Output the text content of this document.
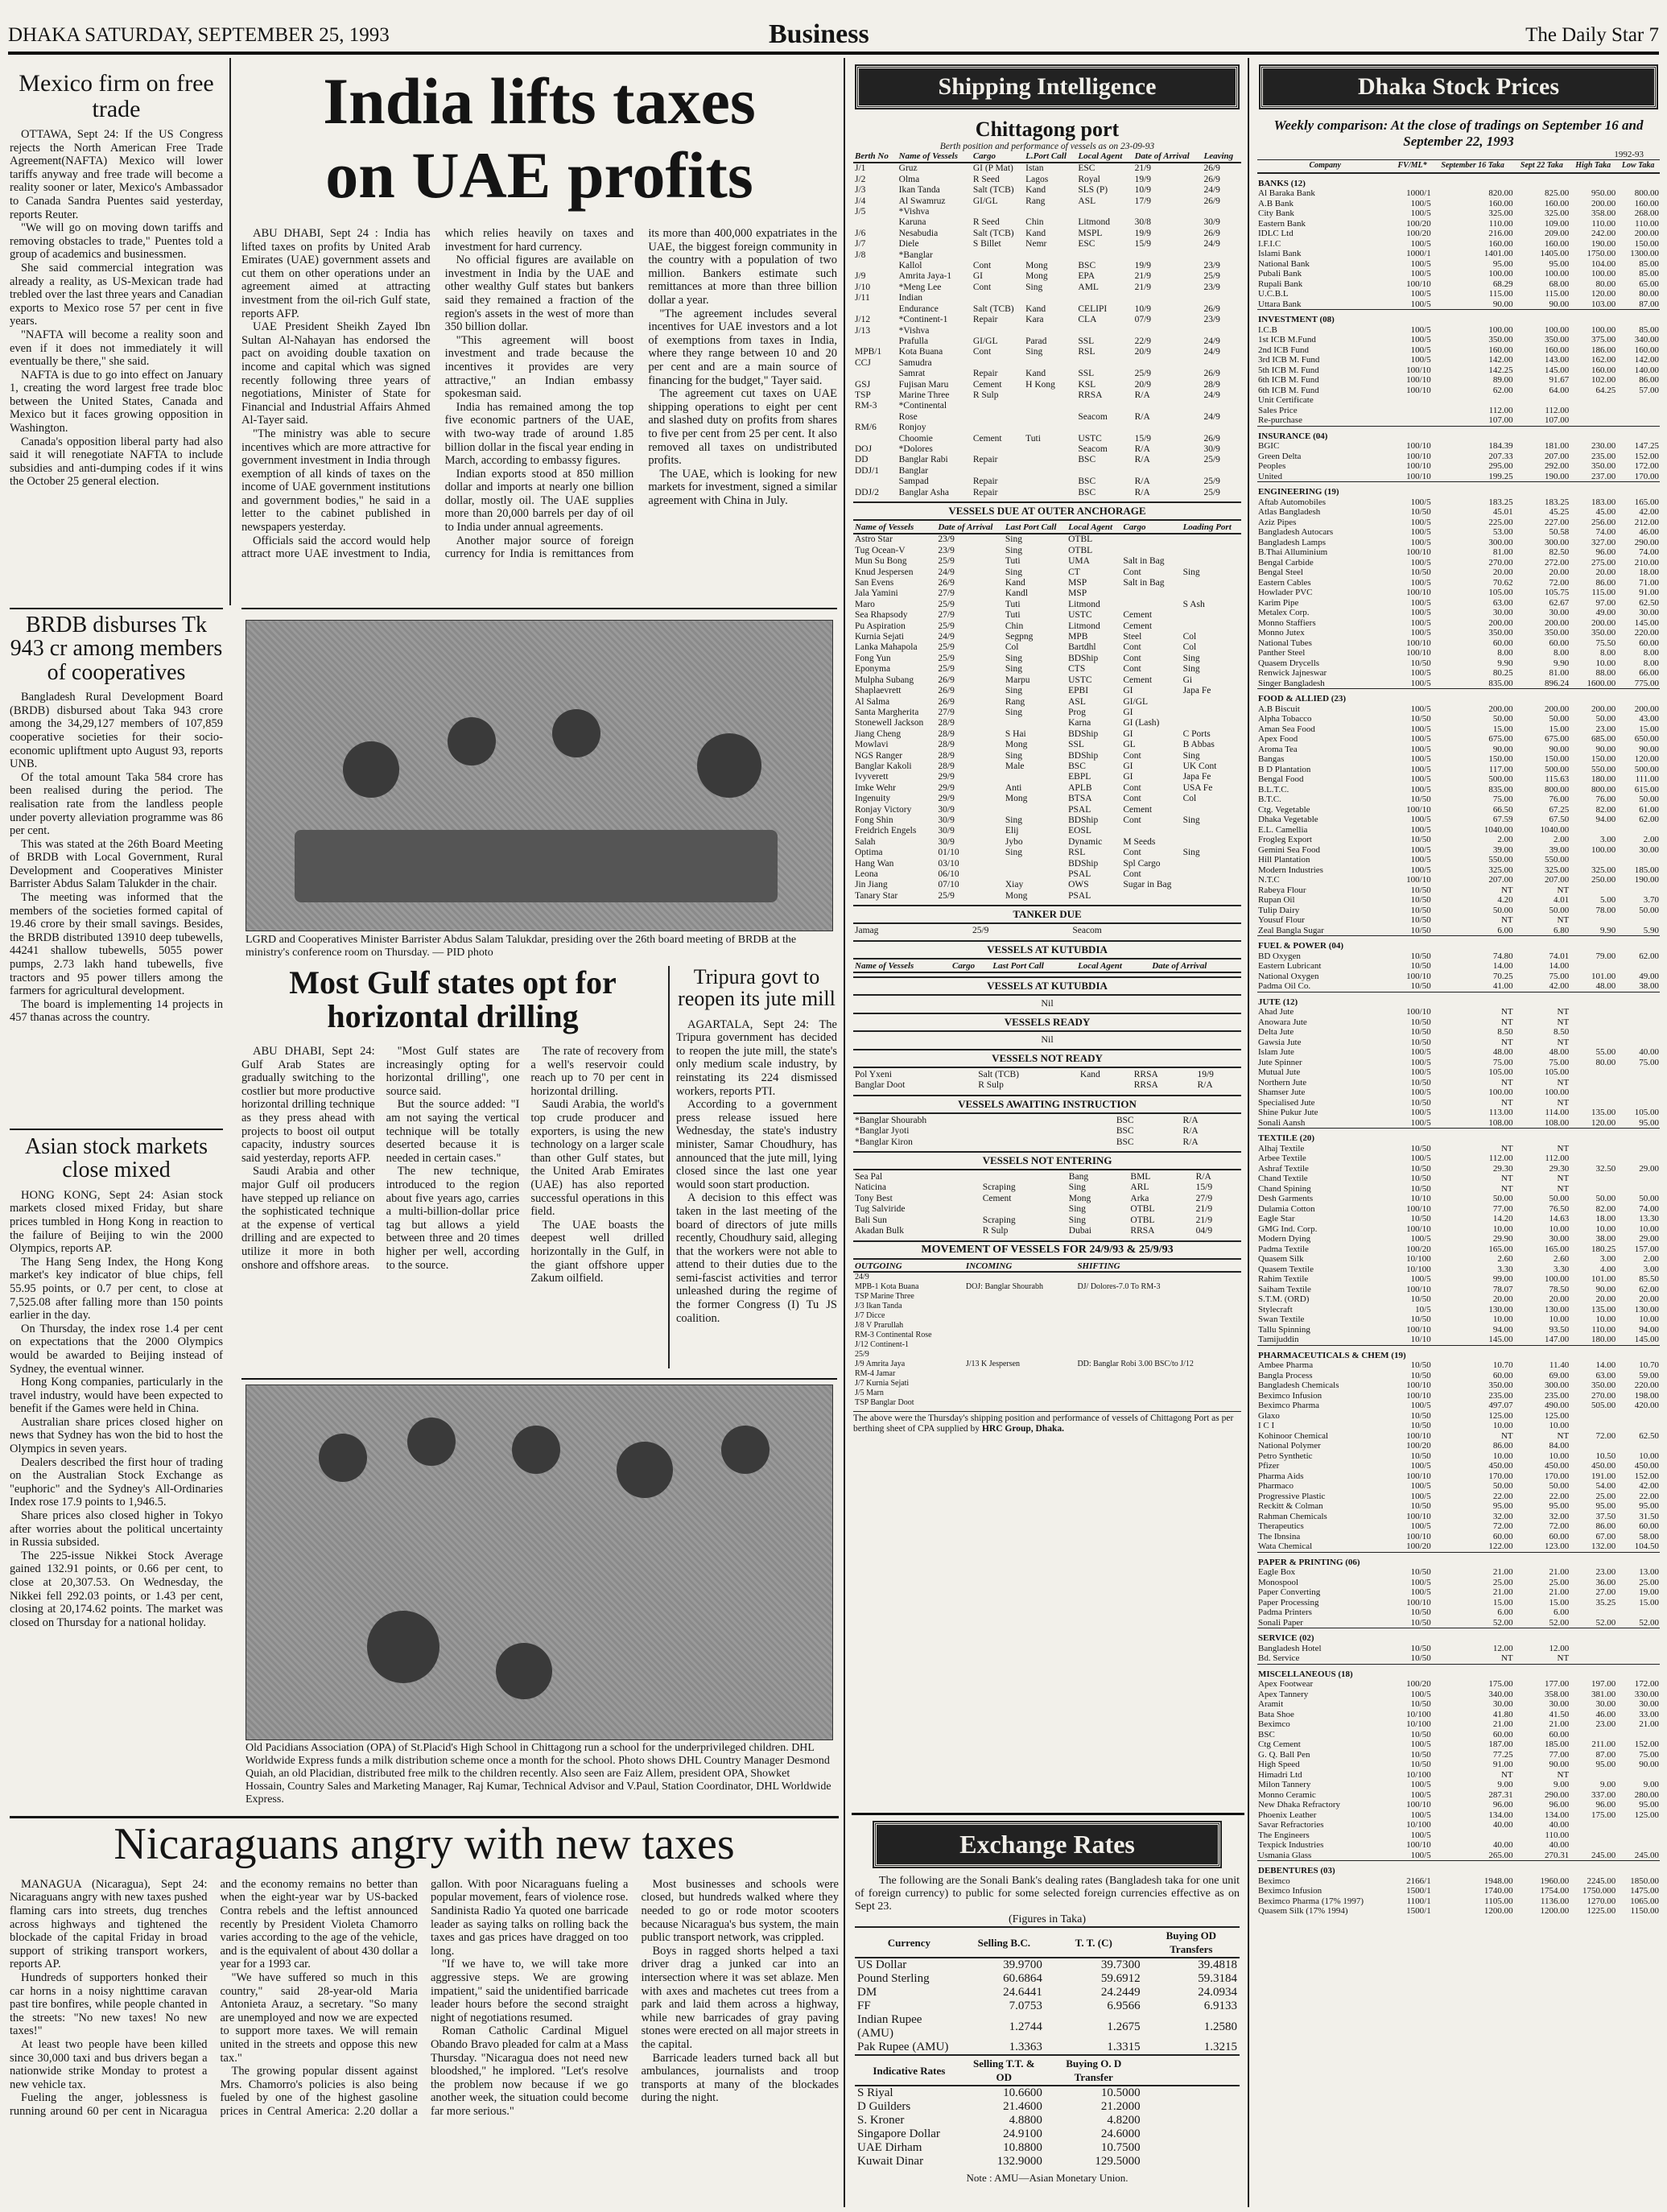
DHAKA SATURDAY, SEPTEMBER 25, 1993	Business	The Daily Star 7
Mexico firm on free trade

OTTAWA, Sept 24: If the US Congress rejects the North American Free Trade Agreement(NAFTA) Mexico will lower tariffs anyway and free trade will become a reality sooner or later, Mexico's Ambassador to Canada Sandra Puentes said yesterday, reports Reuter.

"We will go on moving down tariffs and removing obstacles to trade," Puentes told a group of academics and businessmen.

She said commercial integration was already a reality, as US-Mexican trade had trebled over the last three years and Canadian exports to Mexico rose 57 per cent in five years.

"NAFTA will become a reality soon and even if it does not immediately it will eventually be there," she said.

NAFTA is due to go into effect on January 1, creating the word largest free trade bloc between the United States, Canada and Mexico but it faces growing opposition in Washington.

Canada's opposition liberal party had also said it will renegotiate NAFTA to include subsidies and anti-dumping codes if it wins the October 25 general election.

BRDB disburses Tk 943 cr among members of cooperatives

Bangladesh Rural Development Board (BRDB) disbursed about Taka 943 crore among the 34,29,127 members of 107,859 cooperative societies for their socio-economic upliftment upto August 93, reports UNB.

Of the total amount Taka 584 crore has been realised during the period. The realisation rate from the landless people under poverty alleviation programme was 86 per cent.

This was stated at the 26th Board Meeting of BRDB with Local Government, Rural Development and Cooperatives Minister Barrister Abdus Salam Talukder in the chair.

The meeting was informed that the members of the societies formed capital of 19.46 crore by their small savings. Besides, the BRDB distributed 13910 deep tubewells, 44241 shallow tubewells, 5055 power pumps, 2.73 lakh hand tubewells, five tractors and 95 power tillers among the farmers for agricultural development.

The board is implementing 14 projects in 457 thanas across the country.

Asian stock markets close mixed

HONG KONG, Sept 24: Asian stock markets closed mixed Friday, but share prices tumbled in Hong Kong in reaction to the failure of Beijing to win the 2000 Olympics, reports AP.

The Hang Seng Index, the Hong Kong market's key indicator of blue chips, fell 55.95 points, or 0.7 per cent, to close at 7,525.08 after falling more than 150 points earlier in the day.

On Thursday, the index rose 1.4 per cent on expectations that the 2000 Olympics would be awarded to Beijing instead of Sydney, the eventual winner.

Hong Kong companies, particularly in the travel industry, would have been expected to benefit if the Games were held in China.

Australian share prices closed higher on news that Sydney has won the bid to host the Olympics in seven years.

Dealers described the first hour of trading on the Australian Stock Exchange as "euphoric" and the Sydney's All-Ordinaries Index rose 17.9 points to 1,946.5.

Share prices also closed higher in Tokyo after worries about the political uncertainty in Russia subsided.

The 225-issue Nikkei Stock Average gained 132.91 points, or 0.66 per cent, to close at 20,307.53. On Wednesday, the Nikkei fell 292.03 points, or 1.43 per cent, closing at 20,174.62 points. The market was closed on Thursday for a national holiday.

India lifts taxes on UAE profits

ABU DHABI, Sept 24 : India has lifted taxes on profits by United Arab Emirates (UAE) government assets and cut them on other operations under an agreement aimed at attracting investment from the oil-rich Gulf state, reports AFP.

UAE President Sheikh Zayed Ibn Sultan Al-Nahayan has endorsed the pact on avoiding double taxation on income and capital which was signed recently following three years of negotiations, Minister of State for Financial and Industrial Affairs Ahmed Al-Tayer said.

"The ministry was able to secure incentives which are more attractive for government investment in India through exemption of all kinds of taxes on the income of UAE government institutions and government bodies," he said in a letter to the cabinet published in newspapers yesterday.

Officials said the accord would help attract more UAE investment to India, which relies heavily on taxes and investment for hard currency.

No official figures are available on investment in India by the UAE and other wealthy Gulf states but bankers said they remained a fraction of the region's assets in the west of more than 350 billion dollar.

"This agreement will boost investment and trade because the incentives it provides are very attractive," an Indian embassy spokesman said.

India has remained among the top five economic partners of the UAE, with two-way trade of around 1.85 billion dollar in the fiscal year ending in March, according to embassy figures.

Indian exports stood at 850 million dollar and imports at nearly one billion dollar, mostly oil. The UAE supplies more than 20,000 barrels per day of oil to India under annual agreements.

Another major source of foreign currency for India is remittances from its more than 400,000 expatriates in the UAE, the biggest foreign community in the country with a population of two million. Bankers estimate such remittances at more than three billion dollar a year.

"The agreement includes several incentives for UAE investors and a lot of exemptions from taxes in India, where they range between 10 and 20 per cent and are a main source of financing for the budget," Tayer said.

The agreement cut taxes on UAE shipping operations to eight per cent and slashed duty on profits from shares to five per cent from 25 per cent. It also removed all taxes on undistributed profits.

The UAE, which is looking for new markets for investment, signed a similar agreement with China in July.

LGRD and Cooperatives Minister Barrister Abdus Salam Talukdar, presiding over the 26th board meeting of BRDB at the ministry's conference room on Thursday. — PID photo
Most Gulf states opt for horizontal drilling

ABU DHABI, Sept 24: Gulf Arab States are gradually switching to the costlier but more productive horizontal drilling technique as they press ahead with projects to boost oil output capacity, industry sources said yesterday, reports AFP.

Saudi Arabia and other major Gulf oil producers have stepped up reliance on the sophisticated technique at the expense of vertical drilling and are expected to utilize it more in both onshore and offshore areas.

"Most Gulf states are increasingly opting for horizontal drilling", one source said.

But the source added: "I am not saying the vertical technique will be totally deserted because it is needed in certain cases."

The new technique, introduced to the region about five years ago, carries a multi-billion-dollar price tag but allows a yield between three and 20 times higher per well, according to the source.

The rate of recovery from a well's reservoir could reach up to 70 per cent in horizontal drilling.

Saudi Arabia, the world's top crude producer and exporters, is using the new technology on a larger scale than other Gulf states, but the United Arab Emirates (UAE) has also reported successful operations in this field.

The UAE boasts the deepest well drilled horizontally in the Gulf, in the giant offshore upper Zakum oilfield.

Tripura govt to reopen its jute mill

AGARTALA, Sept 24: The Tripura government has decided to reopen the jute mill, the state's only medium scale industry, by reinstating its 224 dismissed workers, reports PTI.

According to a government press release issued here Wednesday, the state's industry minister, Samar Choudhury, has announced that the jute mill, lying closed since the last one year would soon start production.

A decision to this effect was taken in the last meeting of the board of directors of jute mills recently, Choudhury said, alleging that the workers were not able to attend to their duties due to the semi-fascist activities and terror unleashed during the regime of the former Congress (I) Tu JS coalition.

Old Pacidians Association (OPA) of St.Placid's High School in Chittagong run a school for the underprivileged children. DHL Worldwide Express funds a milk distribution scheme once a month for the school. Photo shows DHL Country Manager Desmond Quiah, an old Placidian, distributed free milk to the children recently. Also seen are Faiz Allem, president OPA, Showket Hossain, Country Sales and Marketing Manager, Raj Kumar, Technical Advisor and V.Paul, Station Coordinator, DHL Worldwide Express.
Nicaraguans angry with new taxes

MANAGUA (Nicaragua), Sept 24: Nicaraguans angry with new taxes pushed flaming cars into streets, dug trenches across highways and tightened the blockade of the capital Friday in broad support of striking transport workers, reports AP.

Hundreds of supporters honked their car horns in a noisy nighttime caravan past tire bonfires, while people chanted in the streets: "No new taxes! No new taxes!"

At least two people have been killed since 30,000 taxi and bus drivers began a nationwide strike Monday to protest a new vehicle tax.

Fueling the anger, joblessness is running around 60 per cent in Nicaragua and the economy remains no better than when the eight-year war by US-backed Contra rebels and the leftist announced recently by President Violeta Chamorro varies according to the age of the vehicle, and is the equivalent of about 430 dollar a year for a 1993 car.

"We have suffered so much in this country," said 28-year-old Maria Antonieta Arauz, a secretary. "So many are unemployed and now we are expected to support more taxes. We will remain united in the streets and oppose this new tax."

The growing popular dissent against Mrs. Chamorro's policies is also being fueled by one of the highest gasoline prices in Central America: 2.20 dollar a gallon. With poor Nicaraguans fueling a popular movement, fears of violence rose. Sandinista Radio Ya quoted one barricade leader as saying talks on rolling back the taxes and gas prices have dragged on too long.

"If we have to, we will take more aggressive steps. We are growing impatient," said the unidentified barricade leader hours before the second straight night of negotiations resumed.

Roman Catholic Cardinal Miguel Obando Bravo pleaded for calm at a Mass Thursday. "Nicaragua does not need new bloodshed," he implored. "Let's resolve the problem now because if we go another week, the situation could become far more serious."

Most businesses and schools were closed, but hundreds walked where they needed to go or rode motor scooters because Nicaragua's bus system, the main public transport network, was crippled.

Boys in ragged shorts helped a taxi driver drag a junked car into an intersection where it was set ablaze. Men with axes and machetes cut trees from a park and laid them across a highway, while new barricades of gray paving stones were erected on all major streets in the capital.

Barricade leaders turned back all but ambulances, journalists and troop transports at many of the blockades during the night.

Shipping Intelligence
Chittagong port
Berth position and performance of vessels as on 23-09-93
Berth No	Name of Vessels	Cargo	L.Port Call	Local Agent	Date of Arrival	Leaving
J/1	Gruz	GI (P Mat)	Istan	ESC	21/9	26/9
J/2	Olma	R Seed	Lagos	Royal	19/9	26/9
J/3	Ikan Tanda	Salt (TCB)	Kand	SLS (P)	10/9	24/9
J/4	Al Swamruz	GI/GL	Rang	ASL	17/9	26/9
J/5	*Vishva					
	Karuna	R Seed	Chin	Litmond	30/8	30/9
J/6	Nesabudia	Salt (TCB)	Kand	MSPL	19/9	26/9
J/7	Diele	S Billet	Nemr	ESC	15/9	24/9
J/8	*Banglar					
	Kallol	Cont	Mong	BSC	19/9	23/9
J/9	Amrita Jaya-1	GI	Mong	EPA	21/9	25/9
J/10	*Meng Lee	Cont	Sing	AML	21/9	23/9
J/11	Indian					
	Endurance	Salt (TCB)	Kand	CELIPI	10/9	26/9
J/12	*Continent-1	Repair	Kara	CLA	07/9	23/9
J/13	*Vishva					
	Prafulla	GI/GL	Parad	SSL	22/9	24/9
MPB/1	Kota Buana	Cont	Sing	RSL	20/9	24/9
CCJ	Samudra					
	Samrat	Repair	Kand	SSL	25/9	26/9
GSJ	Fujisan Maru	Cement	H Kong	KSL	20/9	28/9
TSP	Marine Three	R Sulp		RRSA	R/A	24/9
RM-3	*Continental					
	Rose			Seacom	R/A	24/9
RM/6	Ronjoy					
	Choomie	Cement	Tuti	USTC	15/9	26/9
DOJ	*Dolores			Seacom	R/A	30/9
DD	Banglar Rabi	Repair		BSC	R/A	25/9
DDJ/1	Banglar					
	Sampad	Repair		BSC	R/A	25/9
DDJ/2	Banglar Asha	Repair		BSC	R/A	25/9
VESSELS DUE AT OUTER ANCHORAGE
Name of Vessels	Date of Arrival	Last Port Call	Local Agent	Cargo	Loading Port
Astro Star	23/9	Sing	OTBL		
Tug Ocean-V	23/9	Sing	OTBL		
Mun Su Bong	25/9	Tuti	UMA	Salt in Bag	
Knud Jespersen	24/9	Sing	CT	Cont	Sing
San Evens	26/9	Kand	MSP	Salt in Bag	
Jala Yamini	27/9	Kandl	MSP		
Maro	25/9	Tuti	Litmond		S Ash
Sea Rhapsody	27/9	Tuti	USTC	Cement	
Pu Aspiration	25/9	Chin	Litmond	Cement	
Kurnia Sejati	24/9	Segpng	MPB	Steel	Col
Lanka Mahapola	25/9	Col	Bartdhl	Cont	Col
Fong Yun	25/9	Sing	BDShip	Cont	Sing
Eponyma	25/9	Sing	CTS	Cont	Sing
Mulpha Subang	26/9	Marpu	USTC	Cement	Gi
Shaplaevrett	26/9	Sing	EPBI	GI	Japa Fe
Al Salma	26/9	Rang	ASL	GI/GL	
Santa Margherita	27/9	Sing	Prog	GI	
Stonewell Jackson	28/9		Karna	GI (Lash)	
Jiang Cheng	28/9	S Hai	BDShip	GI	C Ports
Mowlavi	28/9	Mong	SSL	GL	B Abbas
NGS Ranger	28/9	Sing	BDShip	Cont	Sing
Banglar Kakoli	28/9	Male	BSC	GI	UK Cont
Ivyverett	29/9		EBPL	GI	Japa Fe
Imke Wehr	29/9	Anti	APLB	Cont	USA Fe
Ingenuity	29/9	Mong	BTSA	Cont	Col
Ronjay Victory	30/9		PSAL	Cement	
Fong Shin	30/9	Sing	BDShip	Cont	Sing
Freidrich Engels	30/9	Elij	EOSL		
Salah	30/9	Jybo	Dynamic	M Seeds	
Optima	01/10	Sing	RSL	Cont	Sing
Hang Wan	03/10		BDShip	Spl Cargo	
Leona	06/10		PSAL	Cont	
Jin Jiang	07/10	Xiay	OWS	Sugar in Bag	
Tanary Star	25/9	Mong	PSAL		
TANKER DUE
Jamag	25/9		Seacom		
VESSELS AT KUTUBDIA
Name of Vessels	Cargo	Last Port Call	Local Agent	Date of Arrival
VESSELS AT KUTUBDIA
Nil
VESSELS READY
Nil
VESSELS NOT READY
Pol Yxeni	Salt (TCB)	Kand	RRSA	19/9
Banglar Doot	R Sulp		RRSA	R/A
VESSELS AWAITING INSTRUCTION
*Banglar Shourabh			BSC	R/A
*Banglar Jyoti			BSC	R/A
*Banglar Kiron			BSC	R/A
VESSELS NOT ENTERING
Sea Pal		Bang	BML	R/A
Naticina	Scraping	Sing	ARL	15/9
Tony Best	Cement	Mong	Arka	27/9
Tug Salviride		Sing	OTBL	21/9
Bali Sun	Scraping	Sing	OTBL	21/9
Akadan Bulk	R Sulp	Dubai	RRSA	04/9
MOVEMENT OF VESSELS FOR 24/9/93 & 25/9/93
OUTGOING	INCOMING	SHIFTING
24/9		
MPB-1 Kota Buana	DOJ: Banglar Shourabh	DJ/ Dolores-7.0 To RM-3
TSP Marine Three		
J/3 Ikan Tanda		
J/7 Dicce		
J/8 V Prarullah		
RM-3 Continental Rose		
J/12 Continent-1		
25/9		
J/9 Amrita Jaya	J/13 K Jespersen	DD: Banglar Robi 3.00 BSC/to J/12
RM-4 Jamar		
J/7 Kurnia Sejati		
J/5 Marn		
TSP Banglar Doot		
The above were the Thursday's shipping position and performance of vessels of Chittagong Port as per berthing sheet of CPA supplied by HRC Group, Dhaka.
Exchange Rates
The following are the Sonali Bank's dealing rates (Bangladesh taka for one unit of foreign currency) to public for some selected foreign currencies effective as on Sept 23.
(Figures in Taka)
Currency	Selling B.C.	T. T. (C)	Buying OD Transfers
US Dollar	39.9700	39.7300	39.4818
Pound Sterling	60.6864	59.6912	59.3184
DM	24.6441	24.2449	24.0934
FF	7.0753	6.9566	6.9133
Indian Rupee (AMU)	1.2744	1.2675	1.2580
Pak Rupee (AMU)	1.3363	1.3315	1.3215
Indicative Rates	Selling T.T. & OD	Buying O. D Transfer	
S Riyal	10.6600	10.5000	
D Guilders	21.4600	21.2000	
S. Kroner	4.8800	4.8200	
Singapore Dollar	24.9100	24.6000	
UAE Dirham	10.8800	10.7500	
Kuwait Dinar	132.9000	129.5000	
Note : AMU—Asian Monetary Union.
Dhaka Stock Prices
Weekly comparison: At the close of tradings on September 16 and September 22, 1993
1992-93
Company	FV/ML*	September 16 Taka	Sept 22 Taka	High Taka	Low Taka
BANKS (12)					
Al Baraka Bank	1000/1	820.00	825.00	950.00	800.00
A.B Bank	100/5	160.00	160.00	200.00	160.00
City Bank	100/5	325.00	325.00	358.00	268.00
Eastern Bank	100/20	110.00	109.00	110.00	110.00
IDLC Ltd	100/20	216.00	209.00	242.00	200.00
I.F.I.C	100/5	160.00	160.00	190.00	150.00
Islami Bank	1000/1	1401.00	1405.00	1750.00	1300.00
National Bank	100/5	95.00	95.00	104.00	85.00
Pubali Bank	100/5	100.00	100.00	100.00	85.00
Rupali Bank	100/10	68.29	68.00	80.00	65.00
U.C.B.L	100/5	115.00	115.00	120.00	80.00
Uttara Bank	100/5	90.00	90.00	103.00	87.00
INVESTMENT (08)					
I.C.B	100/5	100.00	100.00	100.00	85.00
1st ICB M.Fund	100/5	350.00	350.00	375.00	340.00
2nd ICB Fund	100/5	160.00	160.00	186.00	160.00
3rd ICB M. Fund	100/5	142.00	143.00	162.00	142.00
5th ICB M. Fund	100/10	142.25	145.00	160.00	140.00
6th ICB M. Fund	100/10	89.00	91.67	102.00	86.00
6th ICB M. Fund	100/10	62.00	64.00	64.25	57.00
Unit Certificate					
Sales Price		112.00	112.00		
Re-purchase		107.00	107.00		
INSURANCE (04)					
BGIC	100/10	184.39	181.00	230.00	147.25
Green Delta	100/10	207.33	207.00	235.00	152.00
Peoples	100/10	295.00	292.00	350.00	172.00
United	100/10	199.25	190.00	237.00	170.00
ENGINEERING (19)					
Aftab Automobiles	100/5	183.25	183.25	183.00	165.00
Atlas Bangladesh	10/50	45.01	45.25	45.00	42.00
Aziz Pipes	100/5	225.00	227.00	256.00	212.00
Bangladesh Autocars	100/5	53.00	50.58	74.00	46.00
Bangladesh Lamps	100/5	300.00	300.00	327.00	290.00
B.Thai Alluminium	100/10	81.00	82.50	96.00	74.00
Bengal Carbide	100/5	270.00	272.00	275.00	210.00
Bengal Steel	10/50	20.00	20.00	20.00	18.00
Eastern Cables	100/5	70.62	72.00	86.00	71.00
Howlader PVC	100/10	105.00	105.75	115.00	91.00
Karim Pipe	100/5	63.00	62.67	97.00	62.50
Metalex Corp.	100/5	30.00	30.00	49.00	30.00
Monno Staffiers	100/5	200.00	200.00	200.00	145.00
Monno Jutex	100/5	350.00	350.00	350.00	220.00
National Tubes	100/10	60.00	60.00	75.50	60.00
Panther Steel	100/10	8.00	8.00	8.00	8.00
Quasem Drycells	10/50	9.90	9.90	10.00	8.00
Renwick Jajneswar	100/5	80.25	81.00	88.00	66.00
Singer Bangladesh	100/5	835.00	896.24	1600.00	775.00
FOOD & ALLIED (23)					
A.B Biscuit	100/5	200.00	200.00	200.00	200.00
Alpha Tobacco	10/50	50.00	50.00	50.00	43.00
Aman Sea Food	100/5	15.00	15.00	23.00	15.00
Apex Food	100/5	675.00	675.00	685.00	650.00
Aroma Tea	100/5	90.00	90.00	90.00	90.00
Bangas	100/5	150.00	150.00	150.00	120.00
B D Plantation	100/5	117.00	500.00	550.00	500.00
Bengal Food	100/5	500.00	115.63	180.00	111.00
B.L.T.C.	100/5	835.00	800.00	800.00	615.00
B.T.C.	10/50	75.00	76.00	76.00	50.00
Ctg. Vegetable	100/10	66.50	67.25	82.00	61.00
Dhaka Vegetable	100/5	67.59	67.50	94.00	62.00
E.L. Camellia	100/5	1040.00	1040.00		
Frogleg Export	10/50	2.00	2.00	3.00	2.00
Gemini Sea Food	100/5	39.00	39.00	100.00	30.00
Hill Plantation	100/5	550.00	550.00		
Modern Industries	100/5	325.00	325.00	325.00	185.00
N.T.C	100/10	207.00	207.00	250.00	190.00
Rabeya Flour	10/50	NT	NT		
Rupan Oil	10/50	4.20	4.01	5.00	3.70
Tulip Dairy	10/50	50.00	50.00	78.00	50.00
Yousuf Flour	10/50	NT	NT		
Zeal Bangla Sugar	10/50	6.00	6.80	9.90	5.90
FUEL & POWER (04)					
BD Oxygen	10/50	74.80	74.01	79.00	62.00
Eastern Lubricant	10/50	14.00	14.00		
National Oxygen	100/10	70.25	75.00	101.00	49.00
Padma Oil Co.	10/50	41.00	42.00	48.00	38.00
JUTE (12)					
Ahad Jute	100/10	NT	NT		
Anowara Jute	10/50	NT	NT		
Delta Jute	10/50	8.50	8.50		
Gawsia Jute	10/50	NT	NT		
Islam Jute	100/5	48.00	48.00	55.00	40.00
Jute Spinner	100/5	75.00	75.00	80.00	75.00
Mutual Jute	100/5	105.00	105.00		
Northern Jute	10/50	NT	NT		
Shamser Jute	100/5	100.00	100.00		
Specialised Jute	10/50	NT	NT		
Shine Pukur Jute	100/5	113.00	114.00	135.00	105.00
Sonali Aansh	100/5	108.00	108.00	120.00	95.00
TEXTILE (20)					
Alhaj Textile	10/50	NT	NT		
Arbee Textile	100/5	112.00	112.00		
Ashraf Textile	10/50	29.30	29.30	32.50	29.00
Chand Textile	10/50	NT	NT		
Chand Spining	10/50	NT	NT		
Desh Garments	10/10	50.00	50.00	50.00	50.00
Dulamia Cotton	100/10	77.00	76.50	82.00	74.00
Eagle Star	10/50	14.20	14.63	18.00	13.30
GMG Ind. Corp.	100/10	10.00	10.00	10.00	10.00
Modern Dying	100/5	29.90	30.00	38.00	29.00
Padma Textile	100/20	165.00	165.00	180.25	157.00
Quasem Silk	10/100	2.60	2.60	3.00	2.00
Quasem Textile	10/100	3.30	3.30	4.00	3.00
Rahim Textile	100/5	99.00	100.00	101.00	85.50
Saiham Textile	100/10	78.07	78.50	90.00	62.00
S.T.M. (ORD)	10/50	20.00	20.00	20.00	20.00
Stylecraft	10/5	130.00	130.00	135.00	130.00
Swan Textile	10/50	10.00	10.00	10.00	10.00
Tallu Spinning	100/10	94.00	93.50	110.00	94.00
Tamijuddin	10/10	145.00	147.00	180.00	145.00
PHARMACEUTICALS & CHEM (19)					
Ambee Pharma	10/50	10.70	11.40	14.00	10.70
Bangla Process	10/50	60.00	69.00	63.00	59.00
Bangladesh Chemicals	100/10	350.00	300.00	350.00	220.00
Beximco Infusion	100/10	235.00	235.00	270.00	198.00
Beximco Pharma	100/5	497.07	490.00	505.00	420.00
Glaxo	10/50	125.00	125.00		
I C I	10/50	10.00	10.00		
Kohinoor Chemical	100/10	NT	NT	72.00	62.50
National Polymer	100/20	86.00	84.00		
Petro Synthetic	10/50	10.00	10.00	10.50	10.00
Pfizer	100/5	450.00	450.00	450.00	450.00
Pharma Aids	100/10	170.00	170.00	191.00	152.00
Pharmaco	100/5	50.00	50.00	54.00	42.00
Progressive Plastic	100/5	22.00	22.00	25.00	22.00
Reckitt & Colman	10/50	95.00	95.00	95.00	95.00
Rahman Chemicals	100/10	32.00	32.00	37.50	31.50
Therapeutics	100/5	72.00	72.00	86.00	60.00
The Ibnsina	100/10	60.00	60.00	67.00	58.00
Wata Chemical	100/20	122.00	123.00	132.00	104.50
PAPER & PRINTING (06)					
Eagle Box	10/50	21.00	21.00	23.00	13.00
Monospool	100/5	25.00	25.00	36.00	25.00
Paper Converting	100/5	21.00	21.00	27.00	19.00
Paper Processing	100/10	15.00	15.00	35.25	15.00
Padma Printers	10/50	6.00	6.00		
Sonali Paper	10/50	52.00	52.00	52.00	52.00
SERVICE (02)					
Bangladesh Hotel	10/50	12.00	12.00		
Bd. Service	10/50	NT	NT		
MISCELLANEOUS (18)					
Apex Footwear	100/20	175.00	177.00	197.00	172.00
Apex Tannery	100/5	340.00	358.00	381.00	330.00
Aramit	10/50	30.00	30.00	30.00	30.00
Bata Shoe	10/100	41.80	41.50	46.00	33.00
Beximco	10/100	21.00	21.00	23.00	21.00
BSC	10/50	60.00	60.00		
Ctg Cement	100/5	187.00	185.00	211.00	152.00
G. Q. Ball Pen	10/50	77.25	77.00	87.00	75.00
High Speed	10/50	91.00	90.00	95.00	90.00
Himadri Ltd	10/100	NT	NT		
Milon Tannery	100/5	9.00	9.00	9.00	9.00
Monno Ceramic	100/5	287.31	290.00	337.00	280.00
New Dhaka Refractory	100/10	96.00	96.00	96.00	95.00
Phoenix Leather	100/5	134.00	134.00	175.00	125.00
Savar Refractories	10/100	40.00	40.00		
The Engineers	100/5		110.00		
Texpick Industries	100/10	40.00	40.00		
Usmania Glass	100/5	265.00	270.31	245.00	245.00
DEBENTURES (03)					
Beximco	2166/1	1948.00	1960.00	2245.00	1850.00
Beximco Infusion	1500/1	1740.00	1754.00	1750.000	1475.00
Beximco Pharma (17% 1997)	1100/1	1105.00	1136.00	1270.00	1065.00
Quasem Silk (17% 1994)	1500/1	1200.00	1200.00	1225.00	1150.00
